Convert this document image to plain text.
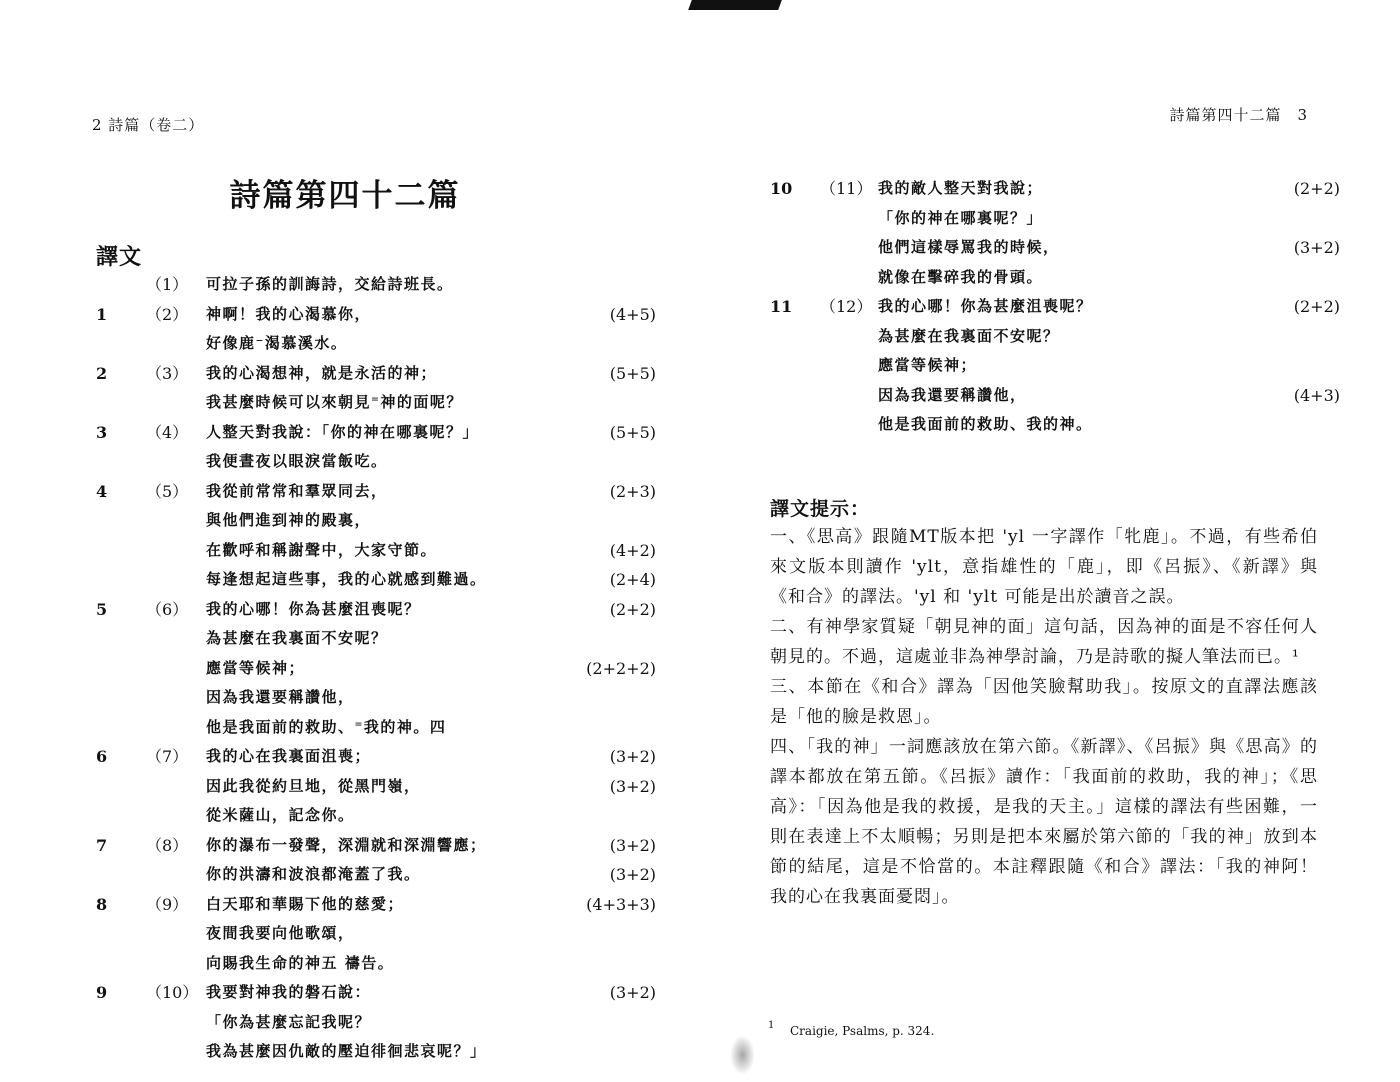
2 詩篇（卷二）
詩篇第四十二篇
譯文
（1）	可拉子孫的訓誨詩，交給詩班長。
1	（2）	神啊！我的心渴慕你，	(4+5)
好像鹿⁻渴慕溪水。
2	（3）	我的心渴想神，就是永活的神；	(5+5)
我甚麼時候可以來朝見⁼神的面呢？
3	（4）	人整天對我說：「你的神在哪裏呢？」	(5+5)
我便晝夜以眼淚當飯吃。
4	（5）	我從前常常和羣眾同去，	(2+3)
與他們進到神的殿裏，
在歡呼和稱謝聲中，大家守節。	(4+2)
每逢想起這些事，我的心就感到難過。	(2+4)
5	（6）	我的心哪！你為甚麼沮喪呢？	(2+2)
為甚麼在我裏面不安呢？
應當等候神；	(2+2+2)
因為我還要稱讚他，
他是我面前的救助、⁼我的神。四
6	（7）	我的心在我裏面沮喪；	(3+2)
因此我從約旦地，從黑門嶺，	(3+2)
從米薩山，記念你。
7	（8）	你的瀑布一發聲，深淵就和深淵響應；	(3+2)
你的洪濤和波浪都淹蓋了我。	(3+2)
8	（9）	白天耶和華賜下他的慈愛；	(4+3+3)
夜間我要向他歌頌，
向賜我生命的神五 禱告。
9	（10） 我要對神我的磐石說：	(3+2)
「你為甚麼忘記我呢？
我為甚麼因仇敵的壓迫徘徊悲哀呢？」
詩篇第四十二篇　3
10 （11） 我的敵人整天對我說；	(2+2)
「你的神在哪裏呢？」
他們這樣辱罵我的時候，	(3+2)
就像在擊碎我的骨頭。
11 （12） 我的心哪！你為甚麼沮喪呢？	(2+2)
為甚麼在我裏面不安呢？
應當等候神；
因為我還要稱讚他，	(4+3)
他是我面前的救助、我的神。
譯文提示：

一、《思高》跟隨MT版本把 'yl 一字譯作「牝鹿」。不過，有些希伯來文版本則讀作 'ylt，意指雄性的「鹿」，即《呂振》、《新譯》與《和合》的譯法。'yl 和 'ylt 可能是出於讀音之誤。

二、有神學家質疑「朝見神的面」這句話，因為神的面是不容任何人朝見的。不過，這處並非為神學討論，乃是詩歌的擬人筆法而已。¹

三、本節在《和合》譯為「因他笑臉幫助我」。按原文的直譯法應該是「他的臉是救恩」。

四、「我的神」一詞應該放在第六節。《新譯》、《呂振》與《思高》的譯本都放在第五節。《呂振》讀作：「我面前的救助，我的神」；《思高》：「因為他是我的救援，是我的天主。」這樣的譯法有些困難，一則在表達上不太順暢；另則是把本來屬於第六節的「我的神」放到本節的結尾，這是不恰當的。本註釋跟隨《和合》譯法：「我的神阿！我的心在我裏面憂悶」。

1 Craigie, Psalms, p. 324.
